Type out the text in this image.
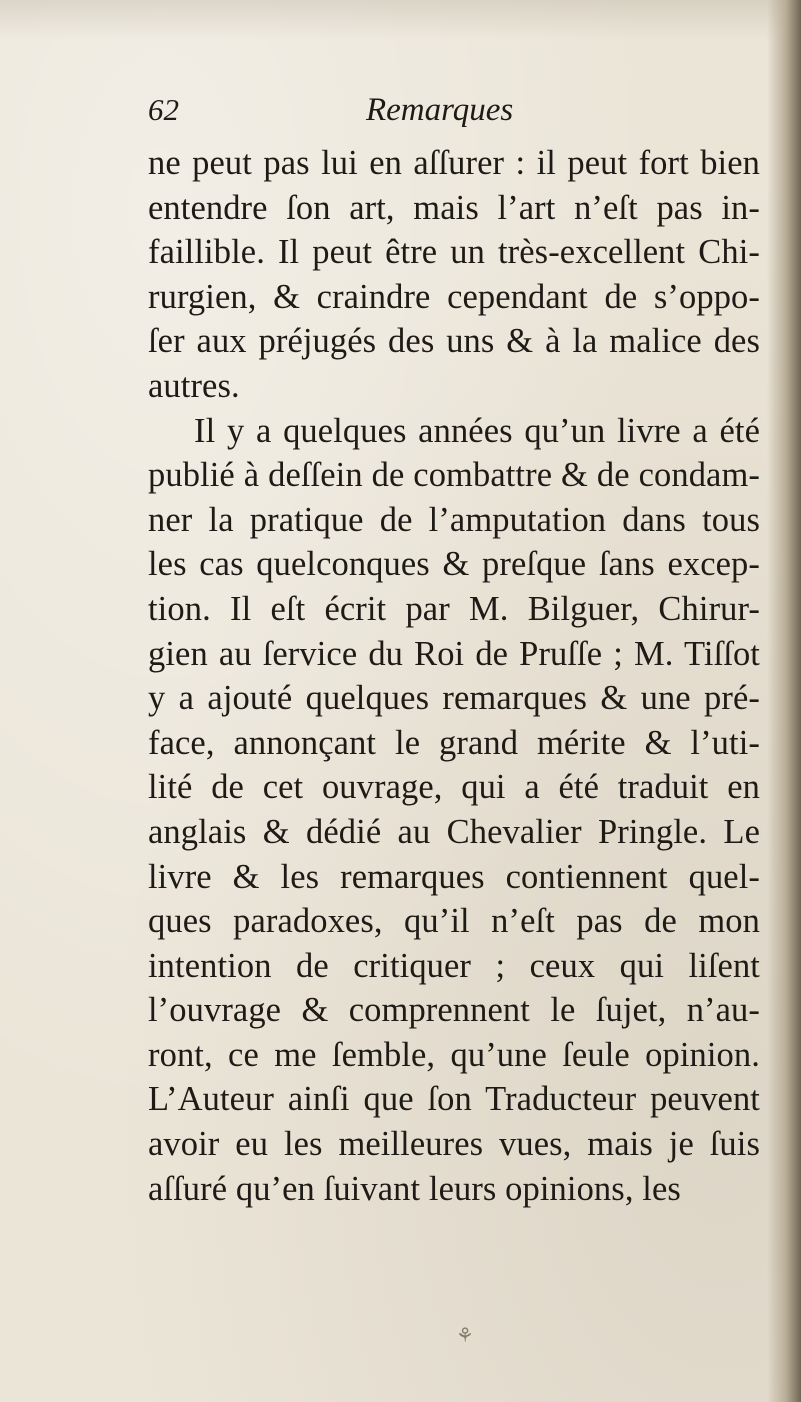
62	Remarques
ne peut pas lui en aſſurer : il peut fort bien
entendre ſon art, mais l’art n’eſt pas in-
faillible. Il peut être un très-excellent Chi-
rurgien, & craindre cependant de s’oppo-
ſer aux préjugés des uns & à la malice des
autres.
Il y a quelques années qu’un livre a été
publié à deſſein de combattre & de condam-
ner la pratique de l’amputation dans tous
les cas quelconques & preſque ſans excep-
tion. Il eſt écrit par M. Bilguer, Chirur-
gien au ſervice du Roi de Pruſſe ; M. Tiſſot
y a ajouté quelques remarques & une pré-
face, annonçant le grand mérite & l’uti-
lité de cet ouvrage, qui a été traduit en
anglais & dédié au Chevalier Pringle. Le
livre & les remarques contiennent quel-
ques paradoxes, qu’il n’eſt pas de mon
intention de critiquer ; ceux qui liſent
l’ouvrage & comprennent le ſujet, n’au-
ront, ce me ſemble, qu’une ſeule opinion.
L’Auteur ainſi que ſon Traducteur peuvent
avoir eu les meilleures vues, mais je ſuis
aſſuré qu’en ſuivant leurs opinions, les
⚘
